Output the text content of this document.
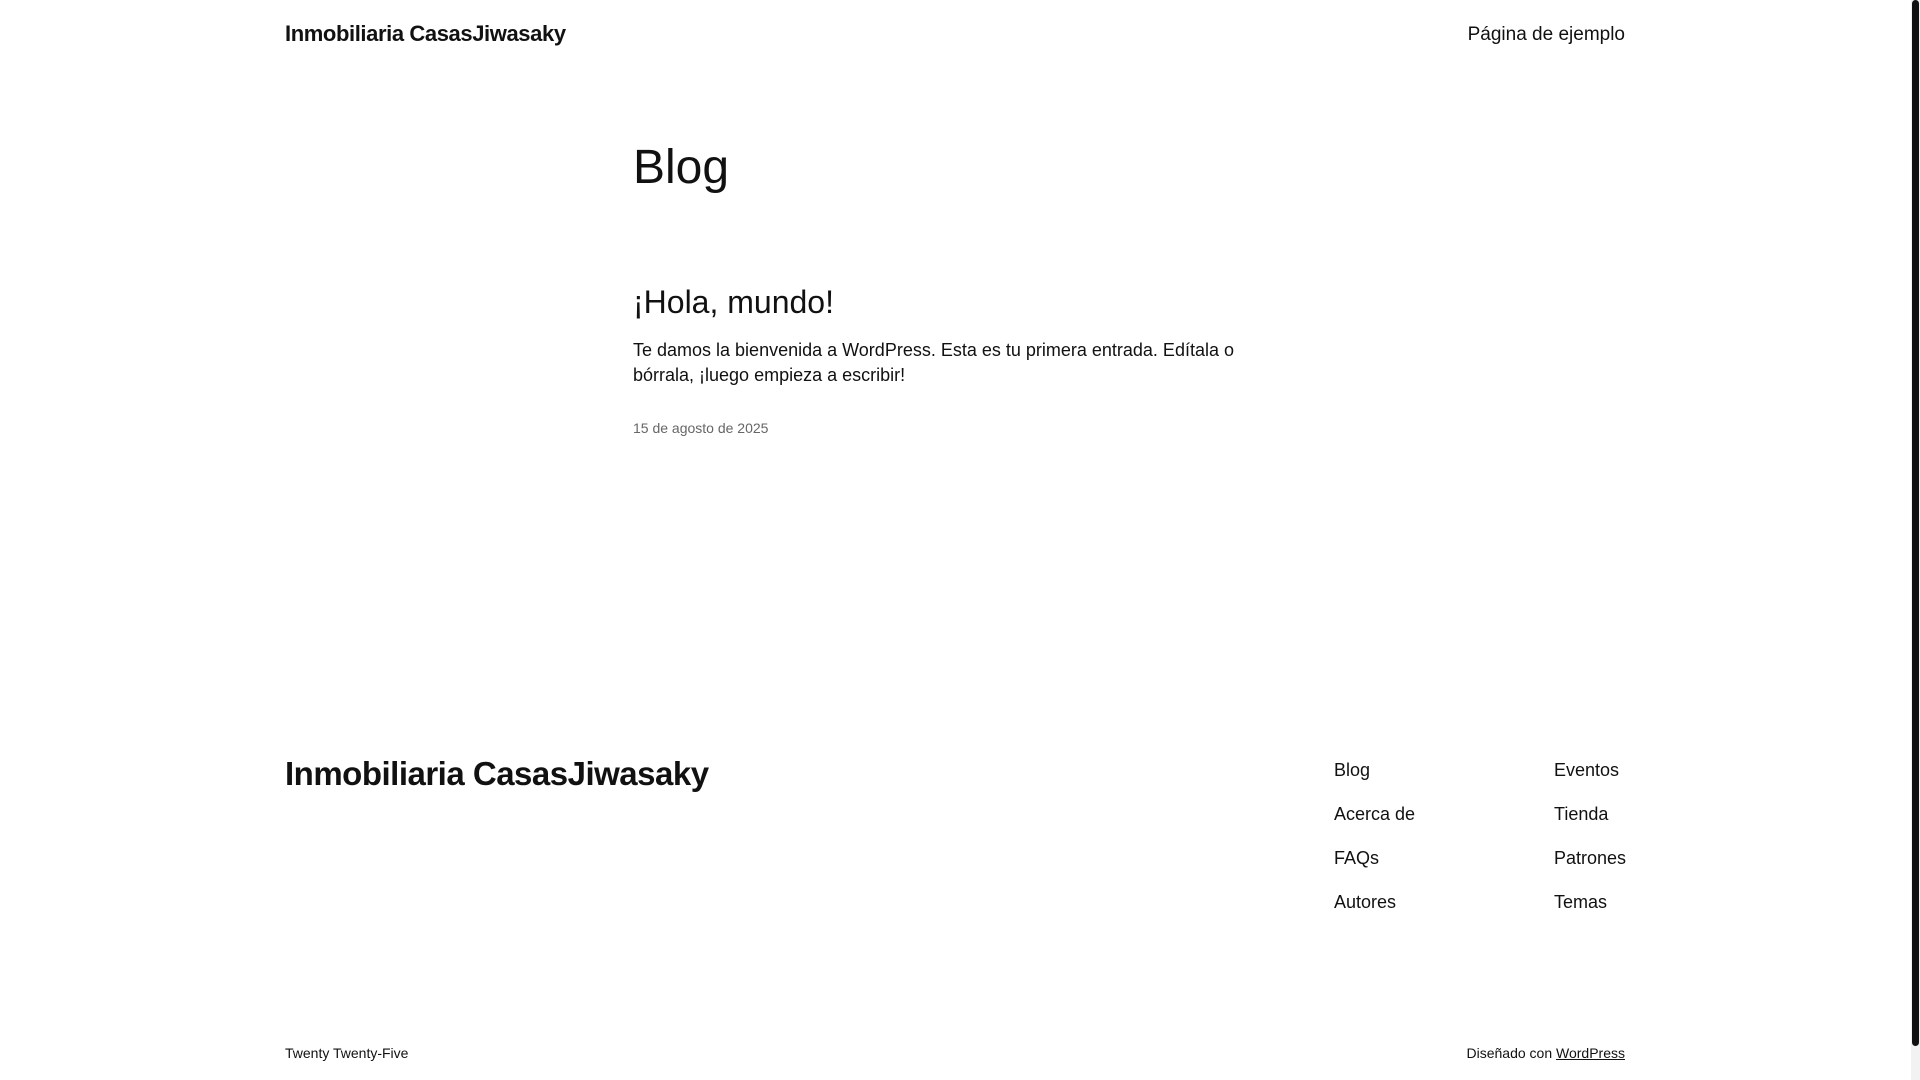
Inmobiliaria CasasJiwasaky	Página de ejemplo
Blog
¡Hola, mundo!

Te damos la bienvenida a WordPress. Esta es tu primera entrada. Edítala o bórrala, ¡luego empieza a escribir!

15 de agosto de 2025
Inmobiliaria CasasJiwasaky	Blog
Acerca de
FAQs
Autores
Eventos
Tienda
Patrones
Temas
Twenty Twenty-Five	Diseñado con WordPress
